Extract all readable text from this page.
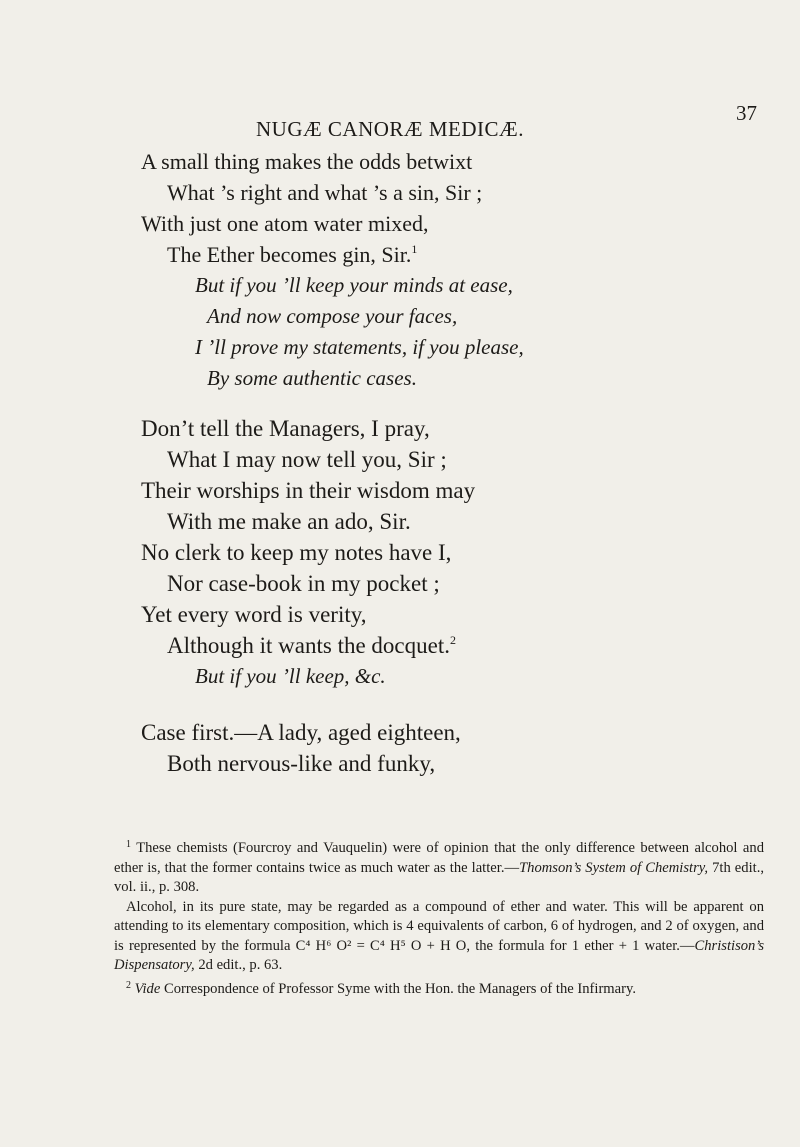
NUGÆ CANORÆ MEDICÆ.
37
A small thing makes the odds betwixt
What ’s right and what ’s a sin, Sir ;
With just one atom water mixed,
The Ether becomes gin, Sir.$^1$
But if you ’ll keep your minds at ease,
And now compose your faces,
I ’ll prove my statements, if you please,
By some authentic cases.
Don’t tell the Managers, I pray,
What I may now tell you, Sir ;
Their worships in their wisdom may
With me make an ado, Sir.
No clerk to keep my notes have I,
Nor case-book in my pocket ;
Yet every word is verity,
Although it wants the docquet.$^2$
But if you ’ll keep, &c.
Case first.—A lady, aged eighteen,
Both nervous-like and funky,

$^1$ These chemists (Fourcroy and Vauquelin) were of opinion that the only difference between alcohol and ether is, that the former contains twice as much water as the latter.—Thomson’s System of Chemistry, 7th edit., vol. ii., p. 308.

Alcohol, in its pure state, may be regarded as a compound of ether and water. This will be apparent on attending to its elementary composition, which is 4 equivalents of carbon, 6 of hydrogen, and 2 of oxygen, and is represented by the formula C⁴ H⁶ O² = C⁴ H⁵ O + H O, the formula for 1 ether + 1 water.—Christison’s Dispensatory, 2d edit., p. 63.

$^2$ Vide Correspondence of Professor Syme with the Hon. the Managers of the Infirmary.
